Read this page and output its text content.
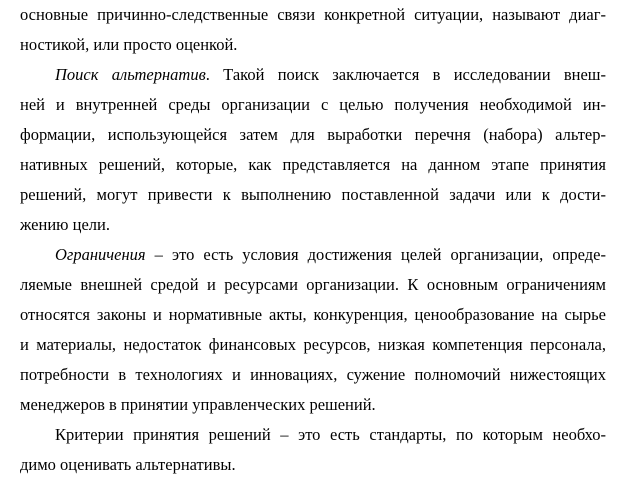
основные причинно-следственные связи конкретной ситуации, называют диаг-
ностикой, или просто оценкой.
Поиск альтернатив. Такой поиск заключается в исследовании внеш-
ней и внутренней среды организации с целью получения необходимой ин-
формации, использующейся затем для выработки перечня (набора) альтер-
нативных решений, которые, как представляется на данном этапе принятия
решений, могут привести к выполнению поставленной задачи или к дости-
жению цели.
Ограничения – это есть условия достижения целей организации, опреде-
ляемые внешней средой и ресурсами организации. К основным ограничениям
относятся законы и нормативные акты, конкуренция, ценообразование на сырье
и материалы, недостаток финансовых ресурсов, низкая компетенция персонала,
потребности в технологиях и инновациях, сужение полномочий нижестоящих
менеджеров в принятии управленческих решений.
Критерии принятия решений – это есть стандарты, по которым необхо-
димо оценивать альтернативы.
